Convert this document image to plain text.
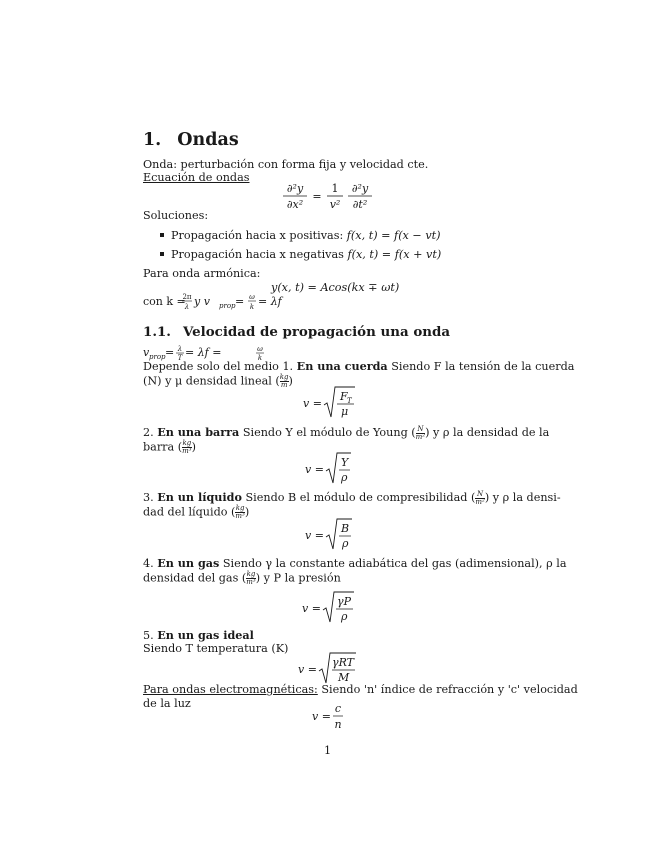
1. Ondas
Onda: perturbación con forma fija y velocidad cte.
Ecuación de ondas
∂²y
∂x²
=
1
v²
∂²y
∂t²
Soluciones:
Propagación hacia x positivas: f(x, t) = f(x − vt)
Propagación hacia x negativas f(x, t) = f(x + vt)
Para onda armónica:
y(x, t) = Acos(kx ∓ ωt)
con k =
2π
λ y v prop = ω
k = λf
1.1. Velocidad de propagación una onda
v prop = λ
T = λf =	ω
k
Depende solo del medio 1. En una cuerda Siendo F la tensión de la cuerda
(N) y μ densidad lineal ( $\frac{kg}{m}$ )
v =
F T
μ
2. En una barra Siendo Y el módulo de Young ( $\frac{N}{\text{m²}}$ ) y ρ la densidad de la
barra ( $\frac{kg}{\text{m³}}$ )
v =
Y
ρ
3. En un líquido Siendo B el módulo de compresibilidad ( $\frac{N}{\text{m²}}$ ) y ρ la densi-
dad del líquido ( $\frac{kg}{\text{m³}}$ )
v =
B
ρ
4. En un gas Siendo γ la constante adiabática del gas (adimensional), ρ la
densidad del gas ( $\frac{kg}{\text{m³}}$ ) y P la presión
v =
γP
ρ
5. En un gas ideal
Siendo T temperatura (K)
v =
γRT
M
Para ondas electromagnéticas: Siendo 'n' índice de refracción y 'c' velocidad
de la luz
v =
c
n
1
